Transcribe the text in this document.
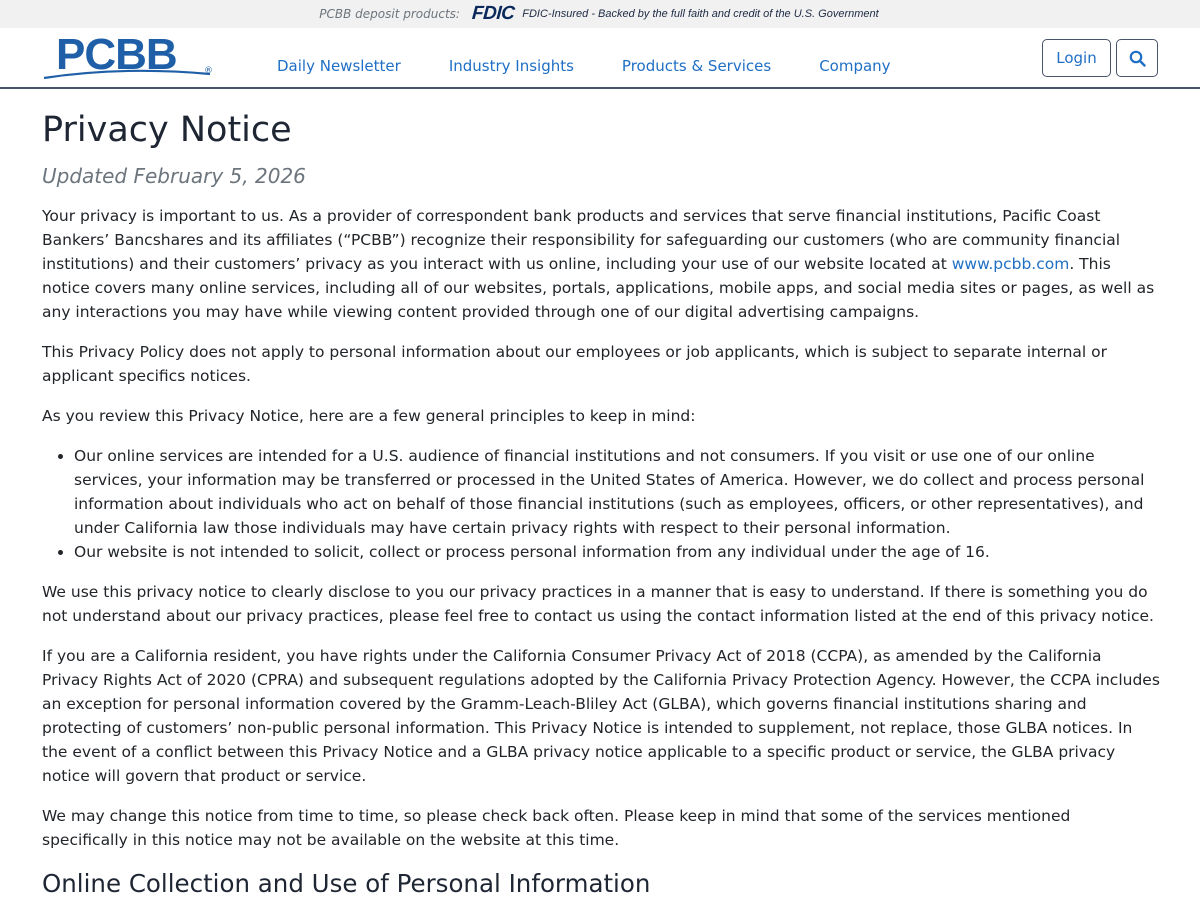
PCBB deposit products: FDIC FDIC-Insured - Backed by the full faith and credit of the U.S. Government
PCBB	®	Daily Newsletter	Industry Insights	Products & Services	Company	Login
Privacy Notice
Updated February 5, 2026

Your privacy is important to us. As a provider of correspondent bank products and services that serve financial institutions, Pacific Coast Bankers’ Bancshares and its affiliates (“PCBB”) recognize their responsibility for safeguarding our customers (who are community financial institutions) and their customers’ privacy as you interact with us online, including your use of our website located at www.pcbb.com. This notice covers many online services, including all of our websites, portals, applications, mobile apps, and social media sites or pages, as well as any interactions you may have while viewing content provided through one of our digital advertising campaigns.

This Privacy Policy does not apply to personal information about our employees or job applicants, which is subject to separate internal or applicant specifics notices.

As you review this Privacy Notice, here are a few general principles to keep in mind:

• Our online services are intended for a U.S. audience of financial institutions and not consumers. If you visit or use one of our online services, your information may be transferred or processed in the United States of America. However, we do collect and process personal information about individuals who act on behalf of those financial institutions (such as employees, officers, or other representatives), and under California law those individuals may have certain privacy rights with respect to their personal information.
• Our website is not intended to solicit, collect or process personal information from any individual under the age of 16.

We use this privacy notice to clearly disclose to you our privacy practices in a manner that is easy to understand. If there is something you do not understand about our privacy practices, please feel free to contact us using the contact information listed at the end of this privacy notice.

If you are a California resident, you have rights under the California Consumer Privacy Act of 2018 (CCPA), as amended by the California Privacy Rights Act of 2020 (CPRA) and subsequent regulations adopted by the California Privacy Protection Agency. However, the CCPA includes an exception for personal information covered by the Gramm-Leach-Bliley Act (GLBA), which governs financial institutions sharing and protecting of customers’ non-public personal information. This Privacy Notice is intended to supplement, not replace, those GLBA notices. In the event of a conflict between this Privacy Notice and a GLBA privacy notice applicable to a specific product or service, the GLBA privacy notice will govern that product or service.

We may change this notice from time to time, so please check back often. Please keep in mind that some of the services mentioned specifically in this notice may not be available on the website at this time.

Online Collection and Use of Personal Information
